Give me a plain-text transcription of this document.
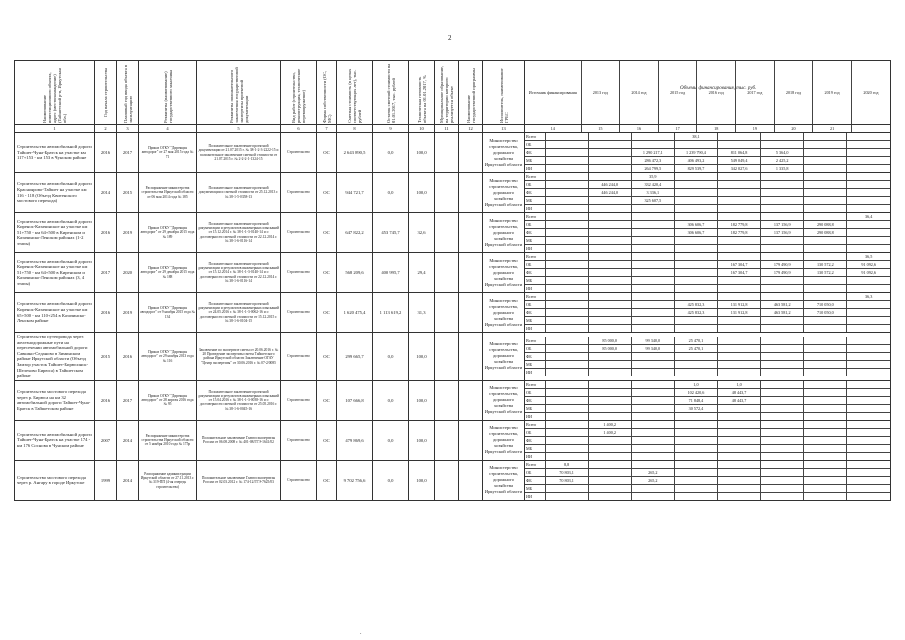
2
Объемы финансирования, тыс. руб.
Наименование инвестиционного объекта, адрес (местонахождение) (Тайшетский р-н, Иркутская обл.)

Год начала строительства	Плановый год ввода объекта в эксплуатацию	Реквизиты (наименование) государственного заказчика	Реквизиты положительного заключения государственной экспертизы проектной документации	Вид работ (строительство, реконструкция, техническое перевооружение)	Форма собственности (ОС, МС)	Сметная стоимость (в ценах соответствующих лет), тыс. рублей	Остаток сметной стоимости на 01.01.2017, тыс. рублей	Техническая готовность объекта на 01.01.2017, %	Муниципальное образование, на территории которого реализуется объект	Наименование государственной программы	Исполнитель, наименование ГРБС

Источник финансирования	2013 год	2014 год	2015 год	2016 год	2017 год	2018 год	2019 год	2020 год

1	2	3	4	5	6	7	8	9	10	11	12	13		14	15	16	17	18	19	20	21	

Строительство автомобильной дороги Тайшет-Чуна-Братск на участке км 117+153 - км 153 в Чунском районе	2016	2017	Приказ ОГКУ "Дирекция автодорог" от 27 мая 2015 года № 71	Положительное заключение проектной документации от 21.07.2015 г. № 38-1-2-3-2222-15 и положительное заключение сметной стоимости от 21.07.2015 г. № 2-2-2-1-1324-15	Строительство	ОС	2 643 890,5	0,0	100,0			Министерство строительства, дорожного хозяйства Иркутской области	
Всего				38,1				
ОБ								
ФБ			1 290 217,1	1 239 790,4	811 064,8	5 364,0		
МБ			286 472,3	406 493,2	549 049,4	2 425,2		
ИИ			264 799,5	829 539,7	342 027,6	1 335,8		

Строительство автомобильной дороги Красноярово-Тайшет на участке км 116 - 118 (Объезд Квитенского мостового перехода)	2014	2015	Распоряжение министерства строительства Иркутской области от 06 мая 2014 года № 185	Положительное заключение проектной документации и сметной стоимости от 25.12.2013 г. № 38-1-5-0358-13	Строительство	ОС	944 721,7	0,0	100,0			Министерство строительства, дорожного хозяйства Иркутской области	
Всего			35,9					
ОБ		446 244,0	332 420,4					
ФБ		446 244,0	3 336,1					
МБ			325 607,5					
ИИ								

Строительство автомобильной дороги Киренск-Казачинское на участке км 51+750 - км 64+500 в Киренском и Казачинско-Ленском районах (1-2 этапы)	2016	2019	Приказ ОГКУ "Дирекция автодорог" от 29 декабря 2015 года № 189	Положительное заключение проектной документации и результатов инженерных изысканий от 15.12.2014 г. № 38-1-1-3-0140-14 и о достоверности сметной стоимости от 22.12.2014 г. № 38-1-6-0116-14	Строительство	ОС	647 822,2	453 745,7	32,6			Министерство строительства, дорожного хозяйства Иркутской области	
Всего								36,4
ОБ				306 606,7	182 779,8	137 156,9	290 088,8	
ФБ				306 606,7	182 779,8	137 156,9	290 088,8	
МБ								
ИИ								

Строительство автомобильной дороги Киренск-Казачинское на участке км 51+750 - км 64+500 в Киренском и Казачинско-Ленском районах (3, 4 этапы)	2017	2020	Приказ ОГКУ "Дирекция автодорог" от 29 декабря 2015 года № 188	Положительное заключение проектной документации и результатов инженерных изысканий от 15.12.2014 г. № 38-1-1-3-0140-14 и о достоверности сметной стоимости от 22.12.2014 г. № 38-1-6-0116-14	Строительство	ОС	568 209,6	400 995,7	29,4			Министерство строительства, дорожного хозяйства Иркутской области	
Всего								36,5
ОБ					167 304,7	179 490,9	130 572,2	91 092,6
ФБ					167 304,7	179 490,9	130 572,2	91 092,6
МБ								
ИИ								

Строительство автомобильной дороги Киренск-Казачинское на участке км 65+500 - км 110+254 в Казачинско-Ленском районе	2016	2019	Приказ ОГКУ "Дирекция автодорог" от 9 ноября 2015 года № 134	Положительное заключение проектной документации и результатов инженерных изысканий от 24.05.2016 г. № 38-1-1-3-0062-16 и о достоверности сметной стоимости от 15.12.2015 г. № 38-1-6-0104-15	Строительство	ОС	1 620 475,4	1 113 619,2	31,3			Министерство строительства, дорожного хозяйства Иркутской области	
Всего								36,3
ОБ				425 832,3	131 912,8	463 581,2	710 050,0	
ФБ				425 832,3	131 912,8	463 581,2	710 050,0	
МБ								
ИИ								

Строительство путепровода через железнодорожные пути на пересечении автомобильной дороги Савкино-Седаново в Зиминском районе Иркутской области (Объезд Замзор участок Тайшет-Бирюсинск-Шелехово Бирюса) в Тайшетском районе	2015	2016	Приказ ОГКУ "Дирекция автодорог" от 29 ноября 2013 года № 116	Заключение по экспертизе сметы от 20.06.2016 г. № 20 Проведение экспертизы сметы Тайшетского района Иркутской области Заключение ОГАУ "Центр экспертизы" от 30.06.2016 г. № 07-2/0085	Строительство	ОС	299 665,7	0,0	100,0			Министерство строительства, дорожного хозяйства Иркутской области	
Всего		85 000,0	99 340,0	25 470,1				
ОБ		85 000,0	99 340,0	25 470,1				
ФБ								
МБ								
ИИ								

Строительство мостового перехода через р. Бирюса на км 32 автомобильной дороги Тайшет-Чуна-Братск в Тайшетском районе	2016	2017	Приказ ОГКУ "Дирекция автодорог" от 28 апреля 2016 года № 95	Положительное заключение проектной документации и результатов инженерных изысканий от 15.04.2016 г. № 38-1-1-3-0038-16 и о достоверности сметной стоимости от 25.05.2016 г. № 38-1-6-0045-16	Строительство	ОС	107 666,8	0,0	100,0			Министерство строительства, дорожного хозяйства Иркутской области	
Всего				1,0	1,0			
ОБ				102 420,6	48 443,7			
ФБ				71 848,4	48 443,7			
МБ				30 572,4				
ИИ								

Строительство автомобильной дороги Тайшет-Чуна-Братск на участке 174 - км 176 Соснова в Чунском районе	2007	2014	Распоряжение министерства строительства Иркутской области от 5 ноября 2010 года № 175р	Положительное заключение Главгосэкспертизы России от 06.08.2008 г. № 401-08/ГГЭ-1641/02	Строительство	ОС	479 869,6	0,0	100,0			Министерство строительства, дорожного хозяйства Иркутской области	
Всего		1 400,2						
ОБ		1 400,2						
ФБ								
МБ								
ИИ								

Строительство мостового перехода через р. Ангару в городе Иркутске	1999	2014	Распоряжение администрации Иркутской области от 27.11.2013 г. № 319-ПП (4-ая очередь строительства)	Положительное заключение Главгосэкспертизы России от 02.03.2012 г. № 174-12/ГГЭ-7625/03	Строительство	ОС	9 702 756,6	0,0	100,0			Министерство строительства, дорожного хозяйства Иркутской области	
Всего	8,8							
ОБ	70 803,1		265,2					
ФБ	70 803,1		265,2					
МБ								
ИИ								
.
